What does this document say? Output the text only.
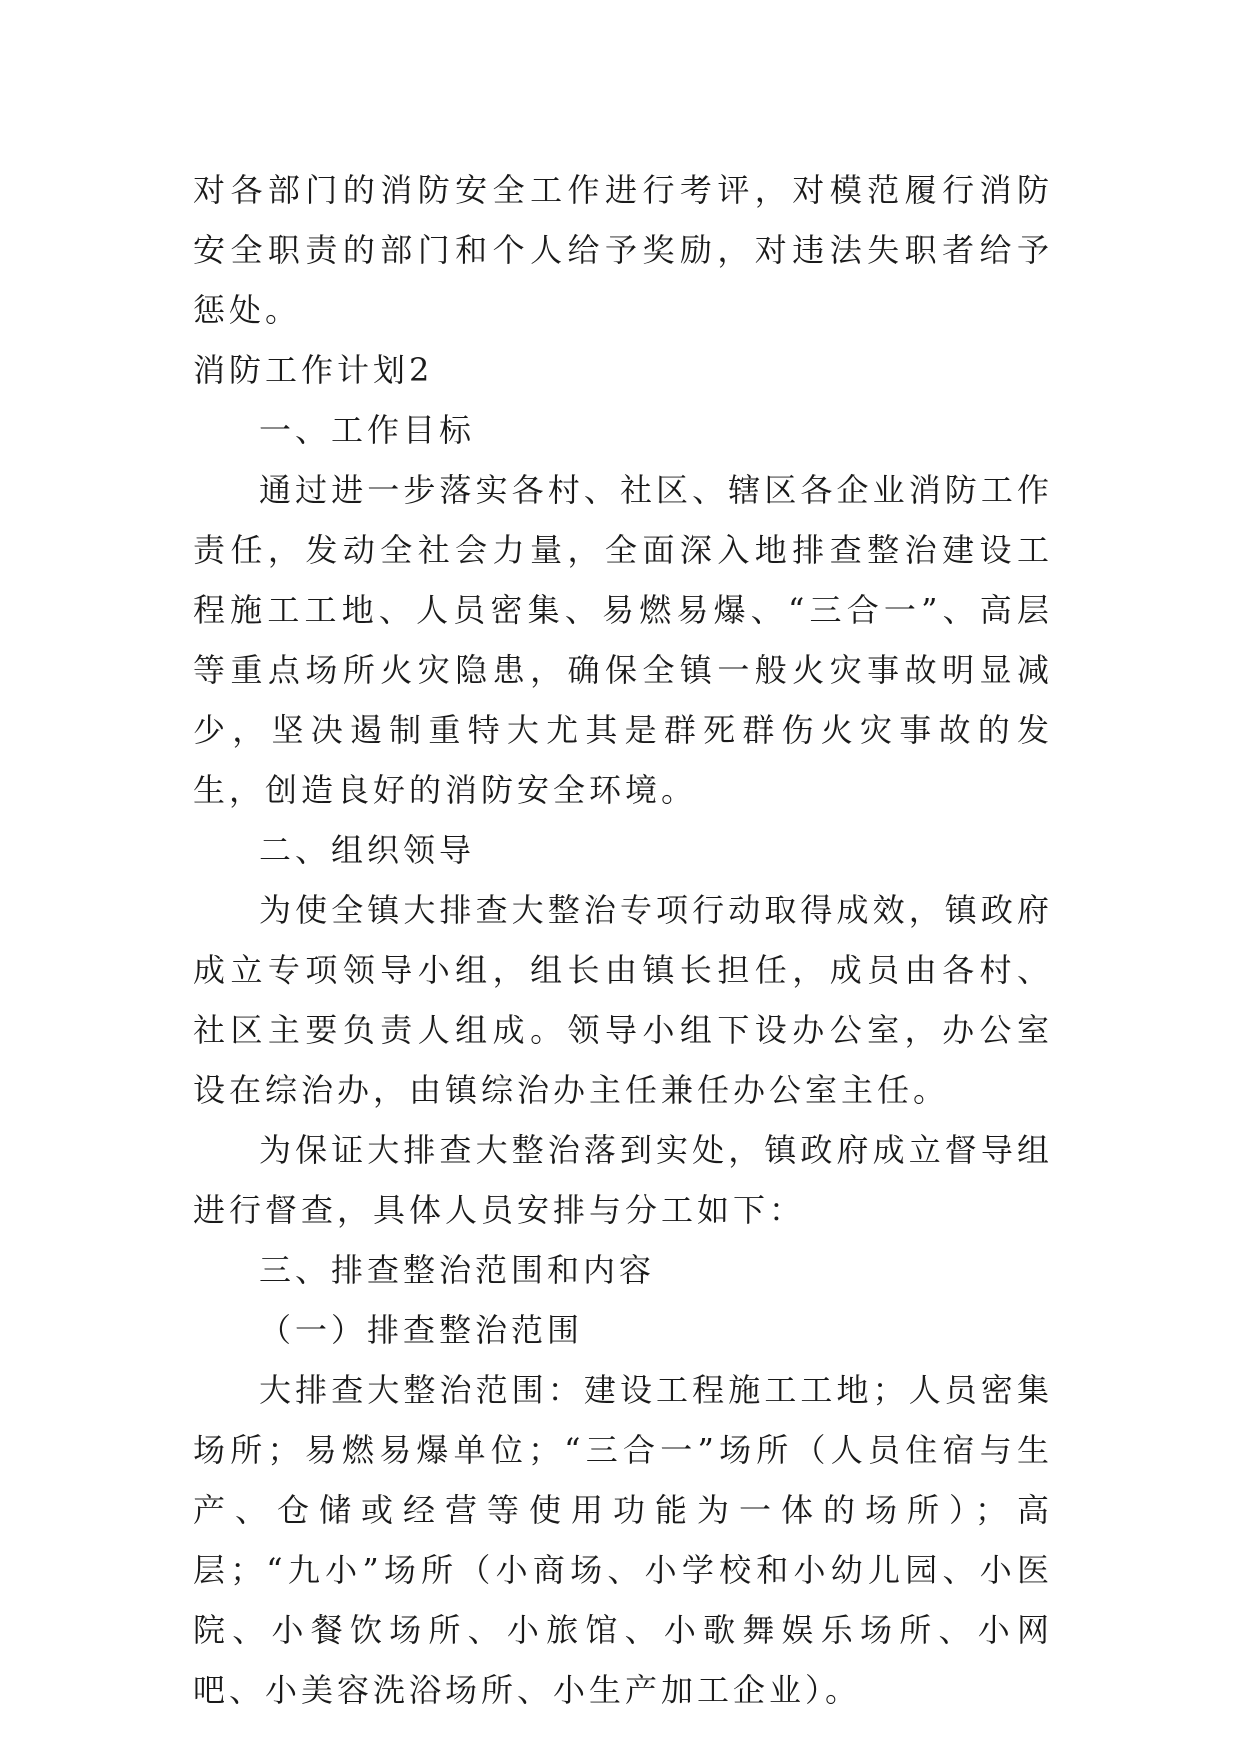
对各部门的消防安全工作进行考评，对模范履行消防安全职责的部门和个人给予奖励，对违法失职者给予惩处。

消防工作计划2

一、工作目标

通过进一步落实各村、社区、辖区各企业消防工作责任，发动全社会力量，全面深入地排查整治建设工程施工工地、人员密集、易燃易爆、“三合一”、高层等重点场所火灾隐患，确保全镇一般火灾事故明显减少，坚决遏制重特大尤其是群死群伤火灾事故的发生，创造良好的消防安全环境。

二、组织领导

为使全镇大排查大整治专项行动取得成效，镇政府成立专项领导小组，组长由镇长担任，成员由各村、社区主要负责人组成。领导小组下设办公室，办公室设在综治办，由镇综治办主任兼任办公室主任。

为保证大排查大整治落到实处，镇政府成立督导组进行督查，具体人员安排与分工如下：

三、排查整治范围和内容

（一）排查整治范围

大排查大整治范围：建设工程施工工地；人员密集场所；易燃易爆单位；“三合一”场所（人员住宿与生产、仓储或经营等使用功能为一体的场所）；高层；“九小”场所（小商场、小学校和小幼儿园、小医院、小餐饮场所、小旅馆、小歌舞娱乐场所、小网吧、小美容洗浴场所、小生产加工企业）。
